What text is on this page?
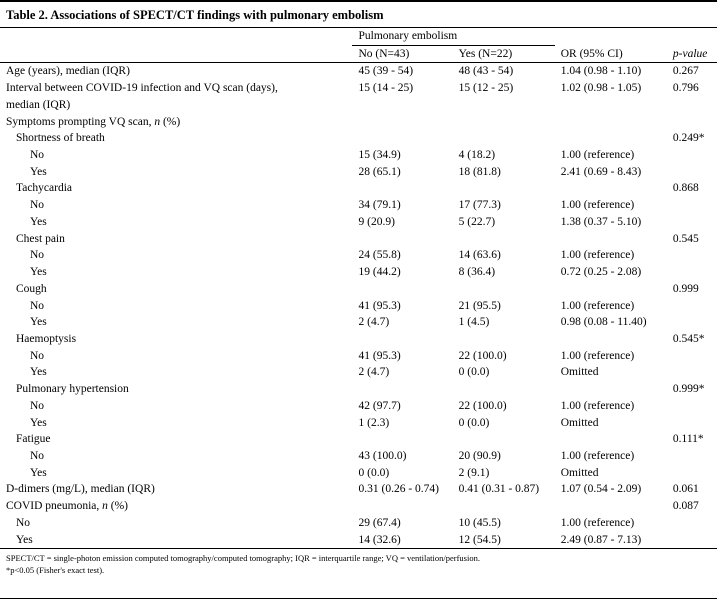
Table 2. Associations of SPECT/CT findings with pulmonary embolism
	Pulmonary embolism			

	No (N=43)	Yes (N=22)	OR (95% CI)	p-value

Age (years), median (IQR)	45 (39 - 54)	48 (43 - 54)	1.04 (0.98 - 1.10)	0.267
Interval between COVID-19 infection and VQ scan (days),	15 (14 - 25)	15 (12 - 25)	1.02 (0.98 - 1.05)	0.796
median (IQR)				
Symptoms prompting VQ scan, n (%)				
Shortness of breath				0.249*
No	15 (34.9)	4 (18.2)	1.00 (reference)	
Yes	28 (65.1)	18 (81.8)	2.41 (0.69 - 8.43)	
Tachycardia				0.868
No	34 (79.1)	17 (77.3)	1.00 (reference)	
Yes	9 (20.9)	5 (22.7)	1.38 (0.37 - 5.10)	
Chest pain				0.545
No	24 (55.8)	14 (63.6)	1.00 (reference)	
Yes	19 (44.2)	8 (36.4)	0.72 (0.25 - 2.08)	
Cough				0.999
No	41 (95.3)	21 (95.5)	1.00 (reference)	
Yes	2 (4.7)	1 (4.5)	0.98 (0.08 - 11.40)	
Haemoptysis				0.545*
No	41 (95.3)	22 (100.0)	1.00 (reference)	
Yes	2 (4.7)	0 (0.0)	Omitted	
Pulmonary hypertension				0.999*
No	42 (97.7)	22 (100.0)	1.00 (reference)	
Yes	1 (2.3)	0 (0.0)	Omitted	
Fatigue				0.111*
No	43 (100.0)	20 (90.9)	1.00 (reference)	
Yes	0 (0.0)	2 (9.1)	Omitted	
D-dimers (mg/L), median (IQR)	0.31 (0.26 - 0.74)	0.41 (0.31 - 0.87)	1.07 (0.54 - 2.09)	0.061
COVID pneumonia, n (%)				0.087
No	29 (67.4)	10 (45.5)	1.00 (reference)	
Yes	14 (32.6)	12 (54.5)	2.49 (0.87 - 7.13)	
SPECT/CT = single-photon emission computed tomography/computed tomography; IQR = interquartile range; VQ = ventilation/perfusion.
*p<0.05 (Fisher's exact test).
